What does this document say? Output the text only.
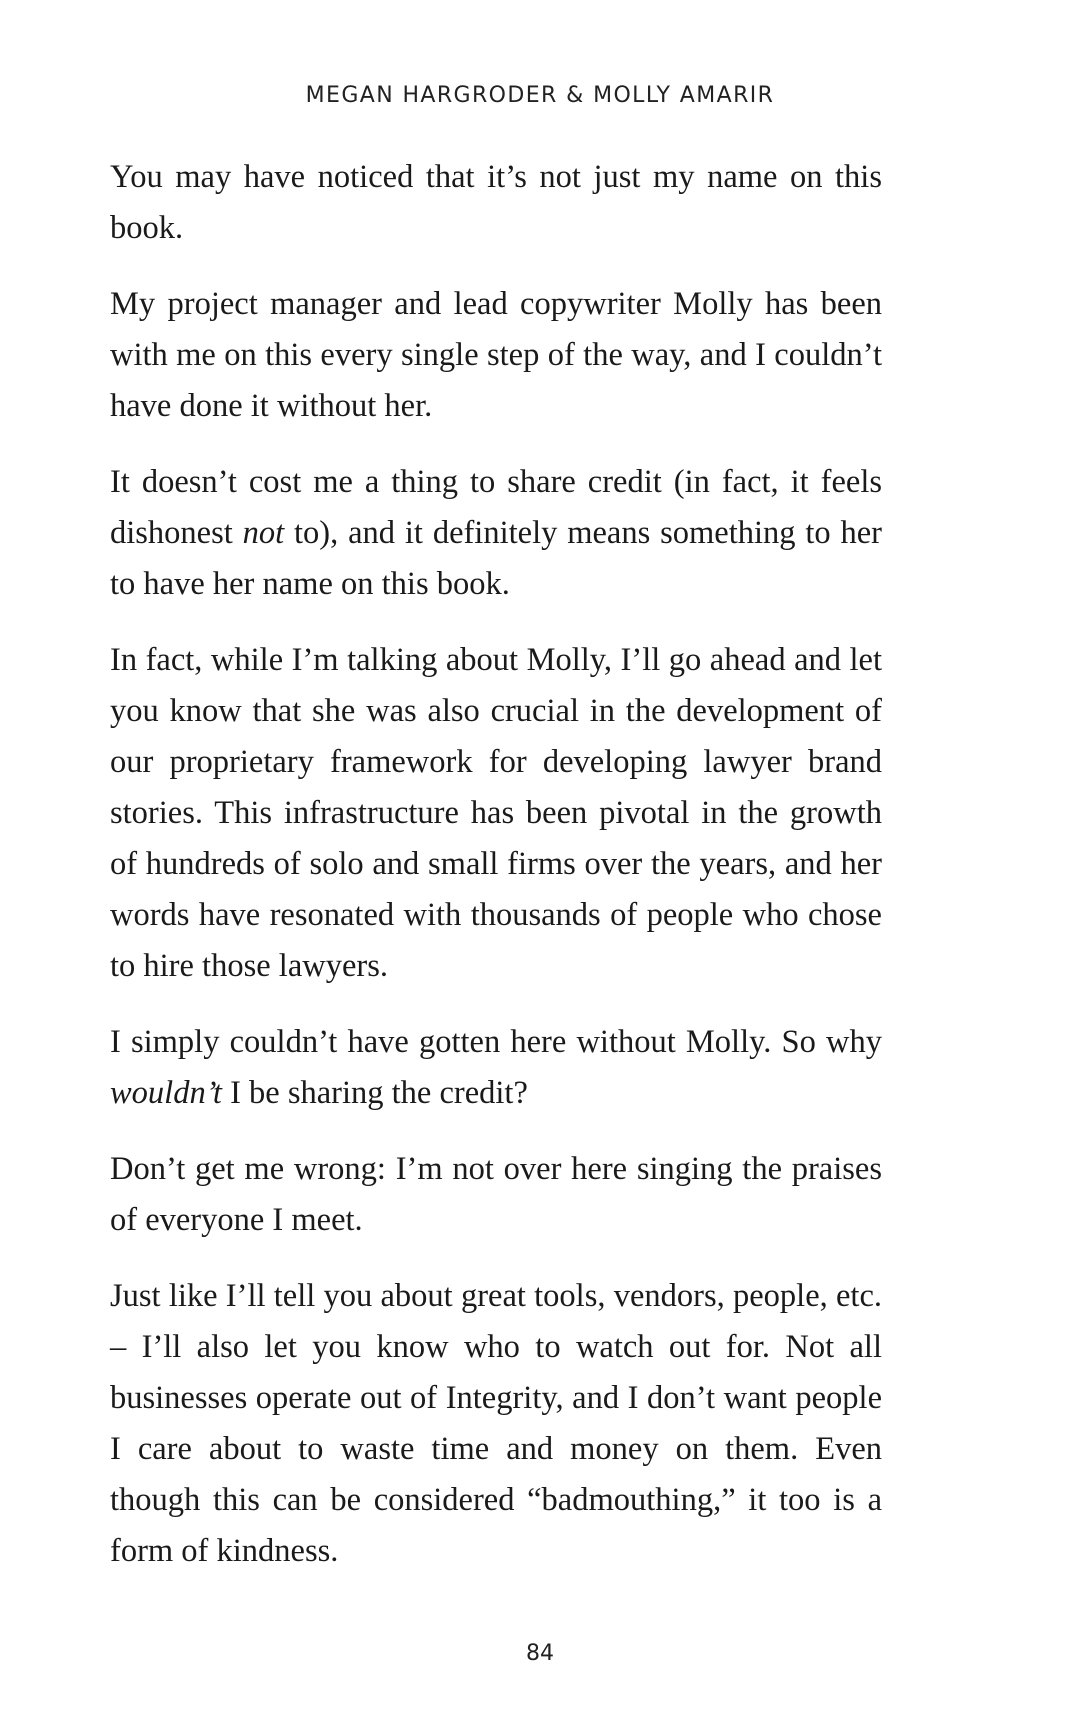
MEGAN HARGRODER & MOLLY AMARIR

You may have noticed that it’s not just my name on this book.

My project manager and lead copywriter Molly has been with me on this every single step of the way, and I couldn’t have done it without her.

It doesn’t cost me a thing to share credit (in fact, it feels dishonest not to), and it definitely means something to her to have her name on this book.

In fact, while I’m talking about Molly, I’ll go ahead and let you know that she was also crucial in the development of our proprietary framework for developing lawyer brand stories. This infrastructure has been pivotal in the growth of hundreds of solo and small firms over the years, and her words have resonated with thousands of people who chose to hire those lawyers.

I simply couldn’t have gotten here without Molly. So why wouldn’t I be sharing the credit?

Don’t get me wrong: I’m not over here singing the praises of everyone I meet.

Just like I’ll tell you about great tools, vendors, people, etc. – I’ll also let you know who to watch out for. Not all businesses operate out of Integrity, and I don’t want people I care about to waste time and money on them. Even though this can be considered “badmouthing,” it too is a form of kindness.

84
